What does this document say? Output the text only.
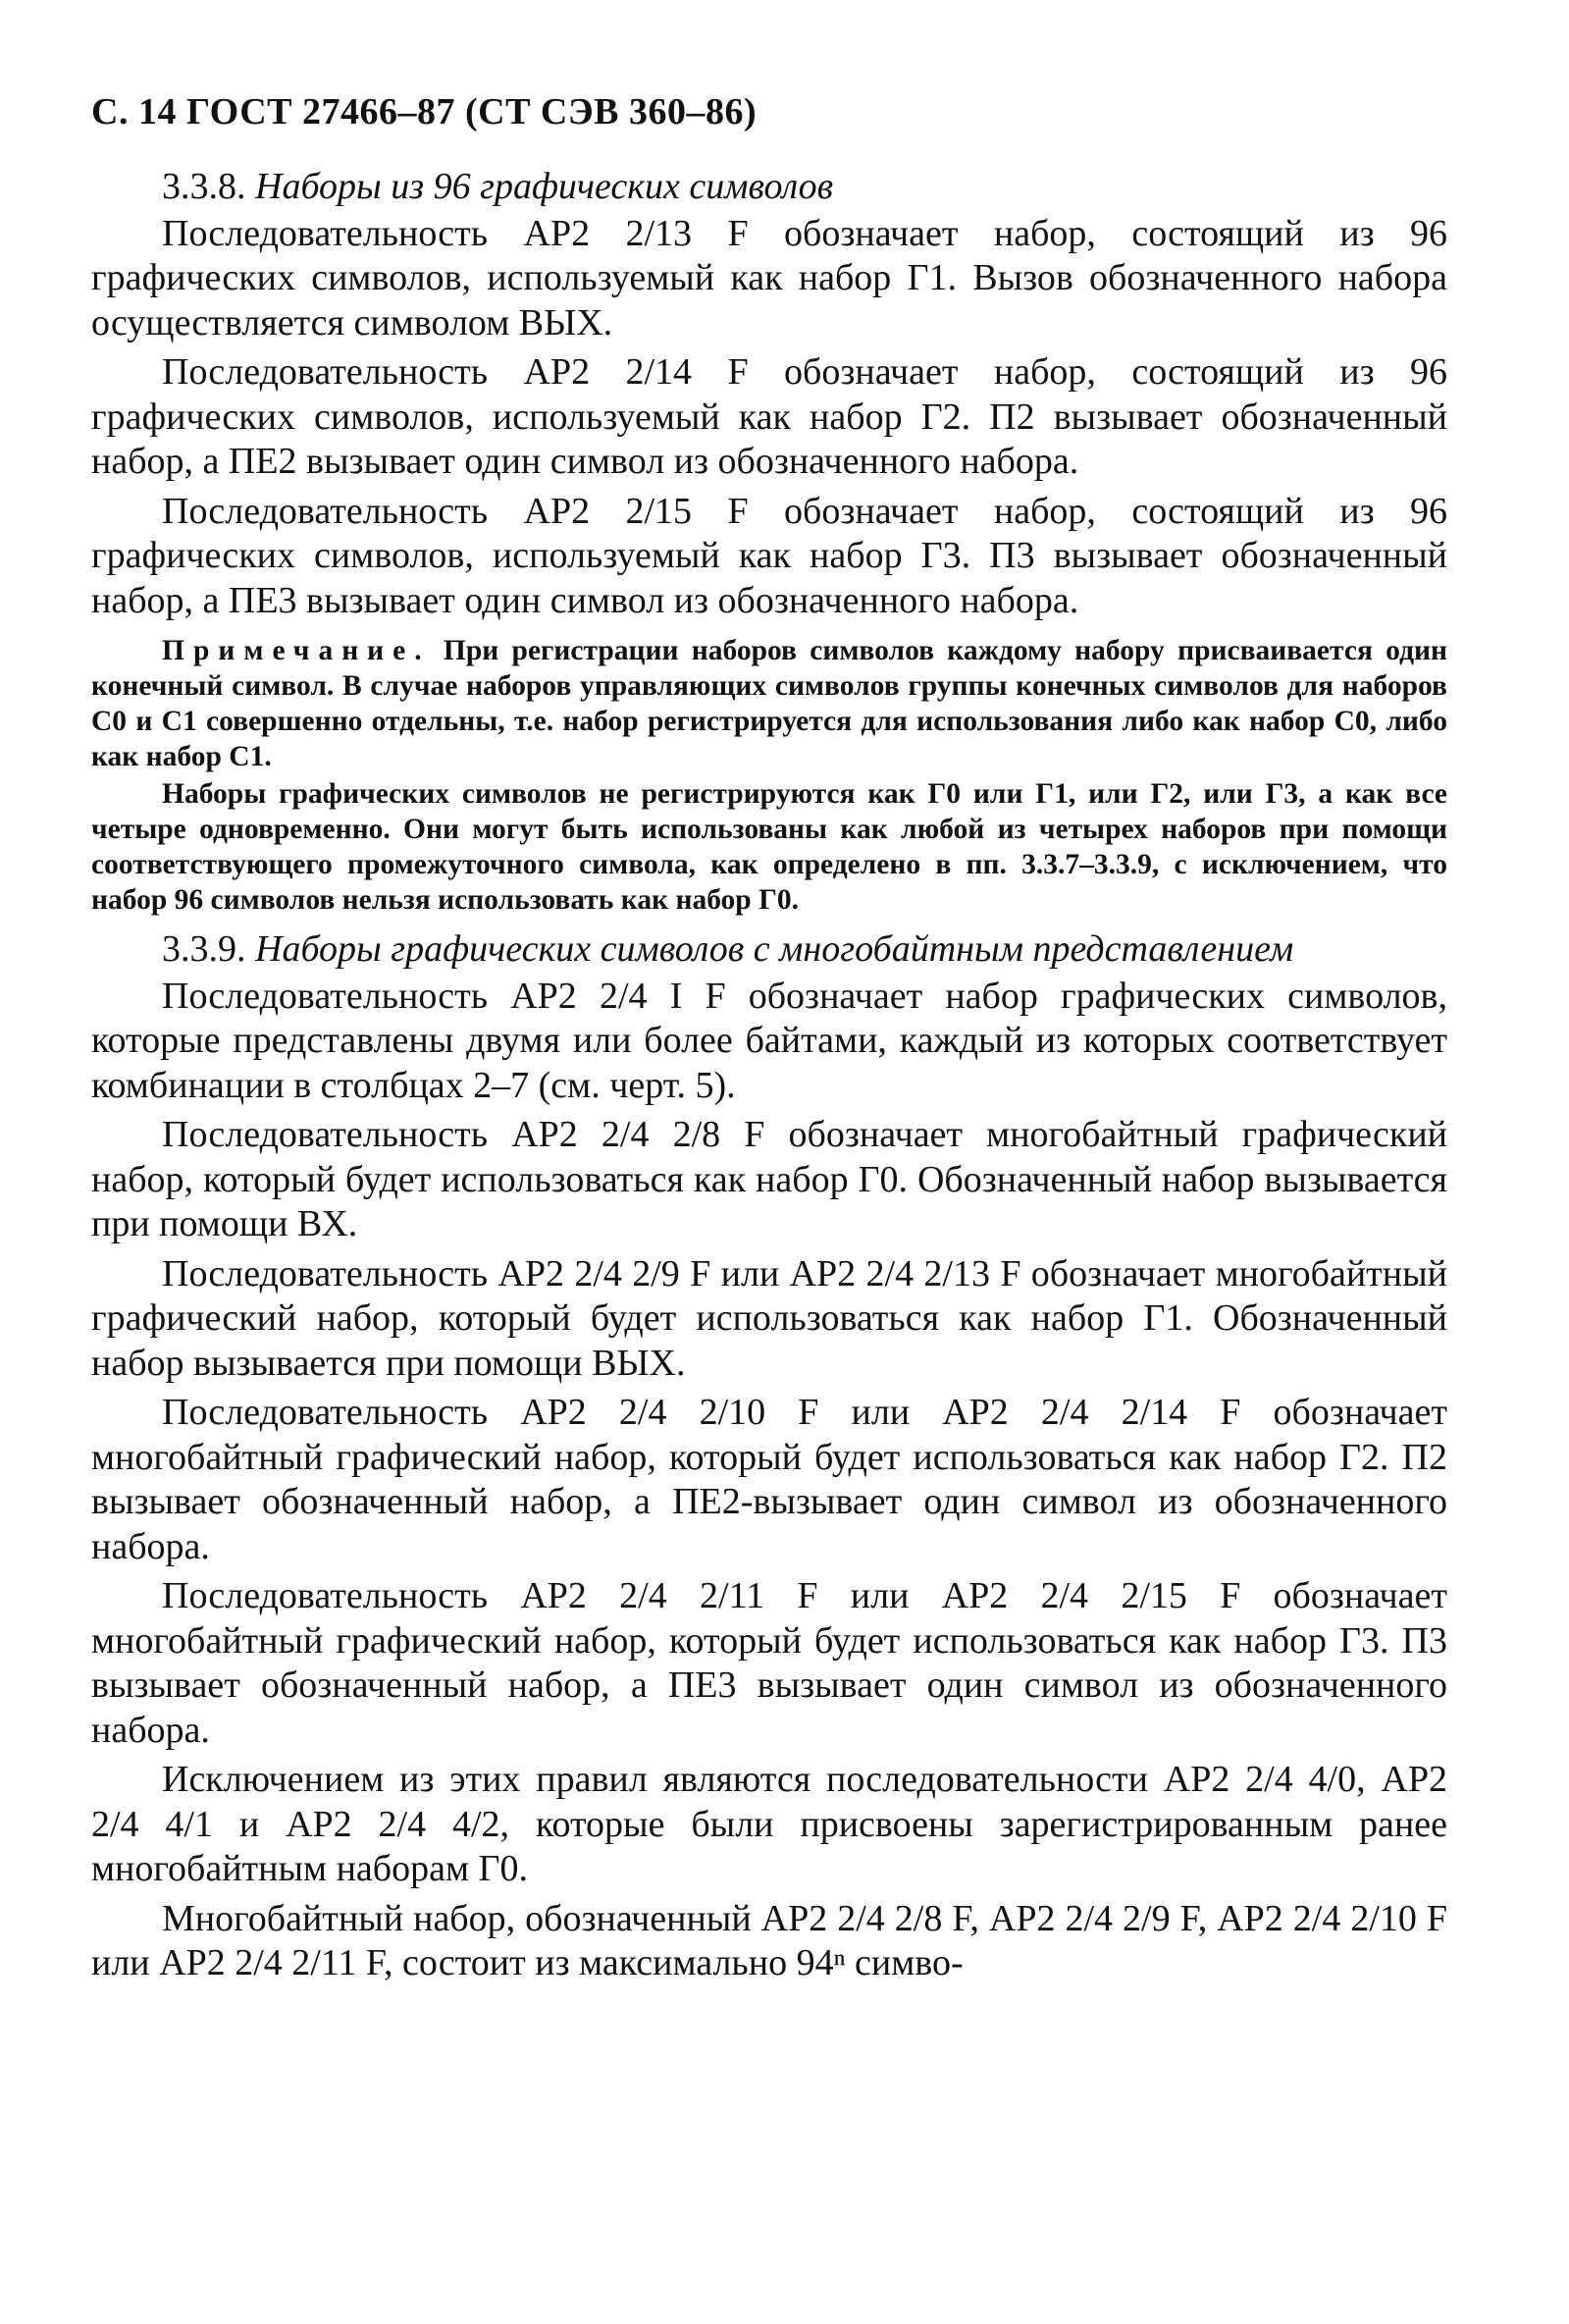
С. 14 ГОСТ 27466–87 (СТ СЭВ 360–86)
3.3.8. Наборы из 96 графических символов

Последовательность АР2 2/13 F обозначает набор, состоящий из 96 графических символов, используемый как набор Г1. Вызов обозначенного набора осуществляется символом ВЫХ.

Последовательность АР2 2/14 F обозначает набор, состоящий из 96 графических символов, используемый как набор Г2. П2 вызывает обозначенный набор, а ПЕ2 вызывает один символ из обозначенного набора.

Последовательность АР2 2/15 F обозначает набор, состоящий из 96 графических символов, используемый как набор Г3. П3 вызывает обозначенный набор, а ПЕ3 вызывает один символ из обозначенного набора.

Примечание. При регистрации наборов символов каждому набору присваивается один конечный символ. В случае наборов управляющих символов группы конечных символов для наборов С0 и С1 совершенно отдельны, т.е. набор регистрируется для использования либо как набор С0, либо как набор С1.

Наборы графических символов не регистрируются как Г0 или Г1, или Г2, или Г3, а как все четыре одновременно. Они могут быть использованы как любой из четырех наборов при помощи соответствующего промежуточного символа, как определено в пп. 3.3.7–3.3.9, с исключением, что набор 96 символов нельзя использовать как набор Г0.

3.3.9. Наборы графических символов с многобайтным представлением

Последовательность АР2 2/4 I F обозначает набор графических символов, которые представлены двумя или более байтами, каждый из которых соответствует комбинации в столбцах 2–7 (см. черт. 5).

Последовательность АР2 2/4 2/8 F обозначает многобайтный графический набор, который будет использоваться как набор Г0. Обозначенный набор вызывается при помощи ВХ.

Последовательность АР2 2/4 2/9 F или АР2 2/4 2/13 F обозначает многобайтный графический набор, который будет использоваться как набор Г1. Обозначенный набор вызывается при помощи ВЫХ.

Последовательность АР2 2/4 2/10 F или АР2 2/4 2/14 F обозначает многобайтный графический набор, который будет использоваться как набор Г2. П2 вызывает обозначенный набор, а ПЕ2-вызывает один символ из обозначенного набора.

Последовательность АР2 2/4 2/11 F или АР2 2/4 2/15 F обозначает многобайтный графический набор, который будет использоваться как набор Г3. П3 вызывает обозначенный набор, а ПЕ3 вызывает один символ из обозначенного набора.

Исключением из этих правил являются последовательности АР2 2/4 4/0, АР2 2/4 4/1 и АР2 2/4 4/2, которые были присвоены зарегистрированным ранее многобайтным наборам Г0.

Многобайтный набор, обозначенный АР2 2/4 2/8 F, АР2 2/4 2/9 F, АР2 2/4 2/10 F или АР2 2/4 2/11 F, состоит из максимально 94ⁿ симво-
